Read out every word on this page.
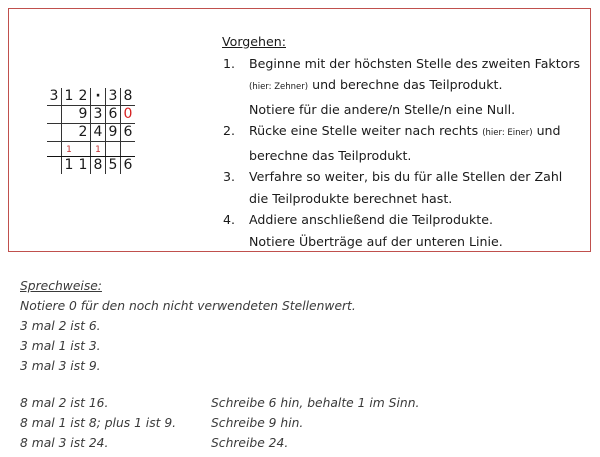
3	1	2	·	3	8
		9	3	6	0
		2	4	9	6
	1		1		
	1	1	8	5	6
Vorgehen:
1. Beginne mit der höchsten Stelle des zweiten Faktors
(hier: Zehner) und berechne das Teilprodukt.
Notiere für die andere/n Stelle/n eine Null.
2. Rücke eine Stelle weiter nach rechts (hier: Einer) und
berechne das Teilprodukt.
3. Verfahre so weiter, bis du für alle Stellen der Zahl
die Teilprodukte berechnet hast.
4. Addiere anschließend die Teilprodukte.
Notiere Überträge auf der unteren Linie.
Sprechweise:
Notiere 0 für den noch nicht verwendeten Stellenwert.
3 mal 2 ist 6.
3 mal 1 ist 3.
3 mal 3 ist 9.
8 mal 2 ist 16.	Schreibe 6 hin, behalte 1 im Sinn.
8 mal 1 ist 8; plus 1 ist 9.	Schreibe 9 hin.
8 mal 3 ist 24.	Schreibe 24.
